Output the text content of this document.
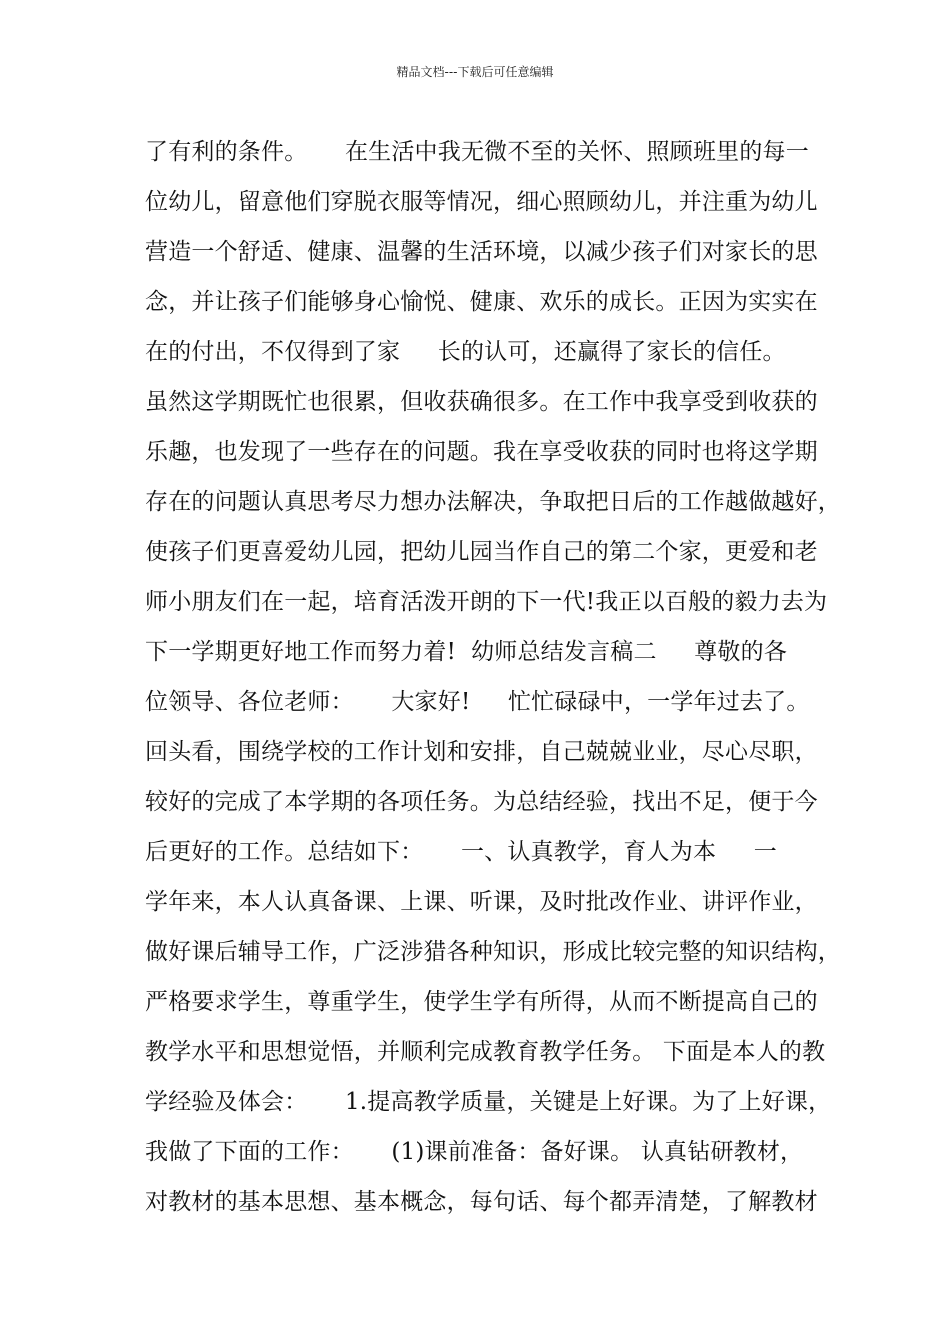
精品文档---下载后可任意编辑
了有利的条件。     在生活中我无微不至的关怀、照顾班里的每一
位幼儿，留意他们穿脱衣服等情况，细心照顾幼儿，并注重为幼儿
营造一个舒适、健康、温馨的生活环境，以减少孩子们对家长的思
念，并让孩子们能够身心愉悦、健康、欢乐的成长。正因为实实在
在的付出，不仅得到了家     长的认可，还赢得了家长的信任。
虽然这学期既忙也很累，但收获确很多。在工作中我享受到收获的
乐趣，也发现了一些存在的问题。我在享受收获的同时也将这学期
存在的问题认真思考尽力想办法解决，争取把日后的工作越做越好，
使孩子们更喜爱幼儿园，把幼儿园当作自己的第二个家，更爱和老
师小朋友们在一起，培育活泼开朗的下一代!我正以百般的毅力去为
下一学期更好地工作而努力着!  幼师总结发言稿二     尊敬的各
位领导、各位老师：     大家好!     忙忙碌碌中，一学年过去了。
回头看，围绕学校的工作计划和安排，自己兢兢业业，尽心尽职，
较好的完成了本学期的各项任务。为总结经验，找出不足，便于今
后更好的工作。总结如下：     一、认真教学，育人为本     一
学年来，本人认真备课、上课、听课，及时批改作业、讲评作业，
做好课后辅导工作，广泛涉猎各种知识，形成比较完整的知识结构，
严格要求学生，尊重学生，使学生学有所得，从而不断提高自己的
教学水平和思想觉悟，并顺利完成教育教学任务。 下面是本人的教
学经验及体会：     1.提高教学质量，关键是上好课。为了上好课，
我做了下面的工作：     (1)课前准备：备好课。 认真钻研教材，
对教材的基本思想、基本概念，每句话、每个都弄清楚，了解教材
